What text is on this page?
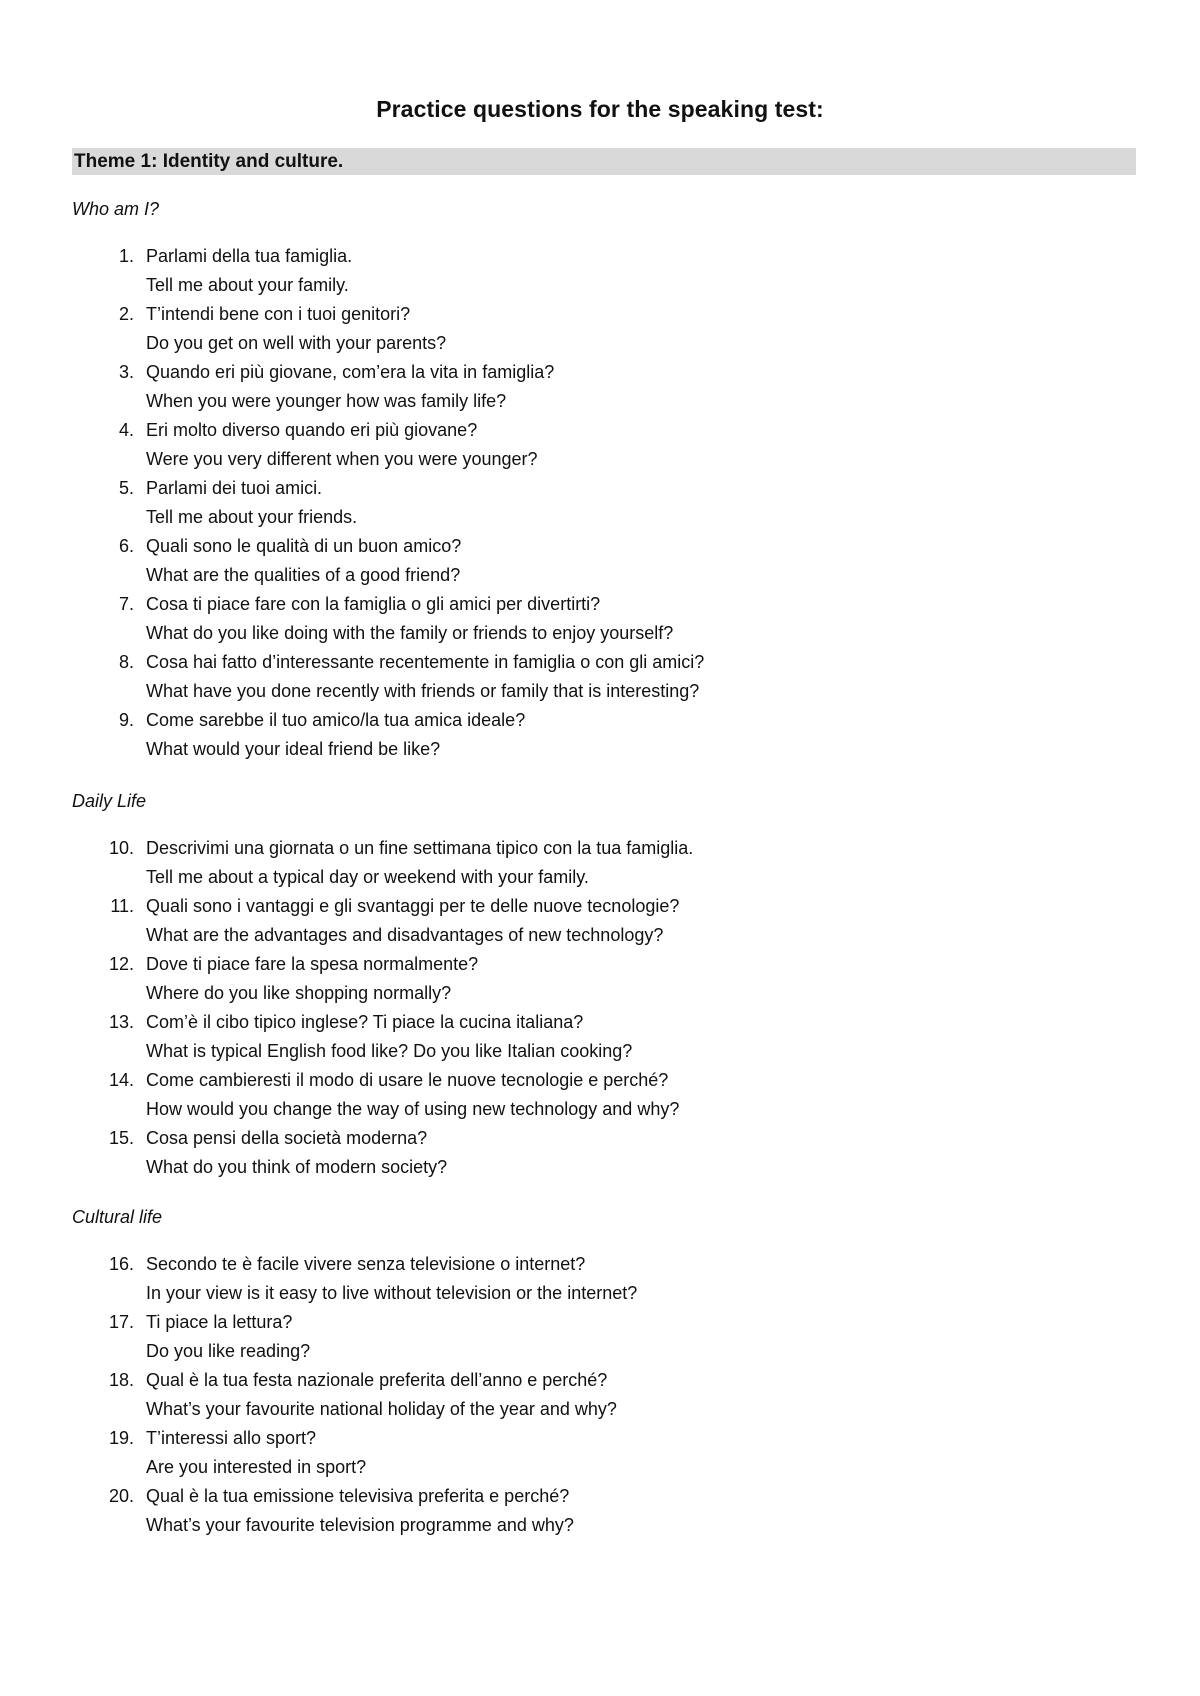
Practice questions for the speaking test:
Theme 1: Identity and culture.

Who am I?

1. Parlami della tua famiglia.
Tell me about your family.
2. T’intendi bene con i tuoi genitori?
Do you get on well with your parents?
3. Quando eri più giovane, com’era la vita in famiglia?
When you were younger how was family life?
4. Eri molto diverso quando eri più giovane?
Were you very different when you were younger?
5. Parlami dei tuoi amici.
Tell me about your friends.
6. Quali sono le qualità di un buon amico?
What are the qualities of a good friend?
7. Cosa ti piace fare con la famiglia o gli amici per divertirti?
What do you like doing with the family or friends to enjoy yourself?
8. Cosa hai fatto d’interessante recentemente in famiglia o con gli amici?
What have you done recently with friends or family that is interesting?
9. Come sarebbe il tuo amico/la tua amica ideale?
What would your ideal friend be like?

Daily Life

10. Descrivimi una giornata o un fine settimana tipico con la tua famiglia.
Tell me about a typical day or weekend with your family.
11. Quali sono i vantaggi e gli svantaggi per te delle nuove tecnologie?
What are the advantages and disadvantages of new technology?
12. Dove ti piace fare la spesa normalmente?
Where do you like shopping normally?
13. Com’è il cibo tipico inglese? Ti piace la cucina italiana?
What is typical English food like? Do you like Italian cooking?
14. Come cambieresti il modo di usare le nuove tecnologie e perché?
How would you change the way of using new technology and why?
15. Cosa pensi della società moderna?
What do you think of modern society?

Cultural life

16. Secondo te è facile vivere senza televisione o internet?
In your view is it easy to live without television or the internet?
17. Ti piace la lettura?
Do you like reading?
18. Qual è la tua festa nazionale preferita dell’anno e perché?
What’s your favourite national holiday of the year and why?
19. T’interessi allo sport?
Are you interested in sport?
20. Qual è la tua emissione televisiva preferita e perché?
What’s your favourite television programme and why?
